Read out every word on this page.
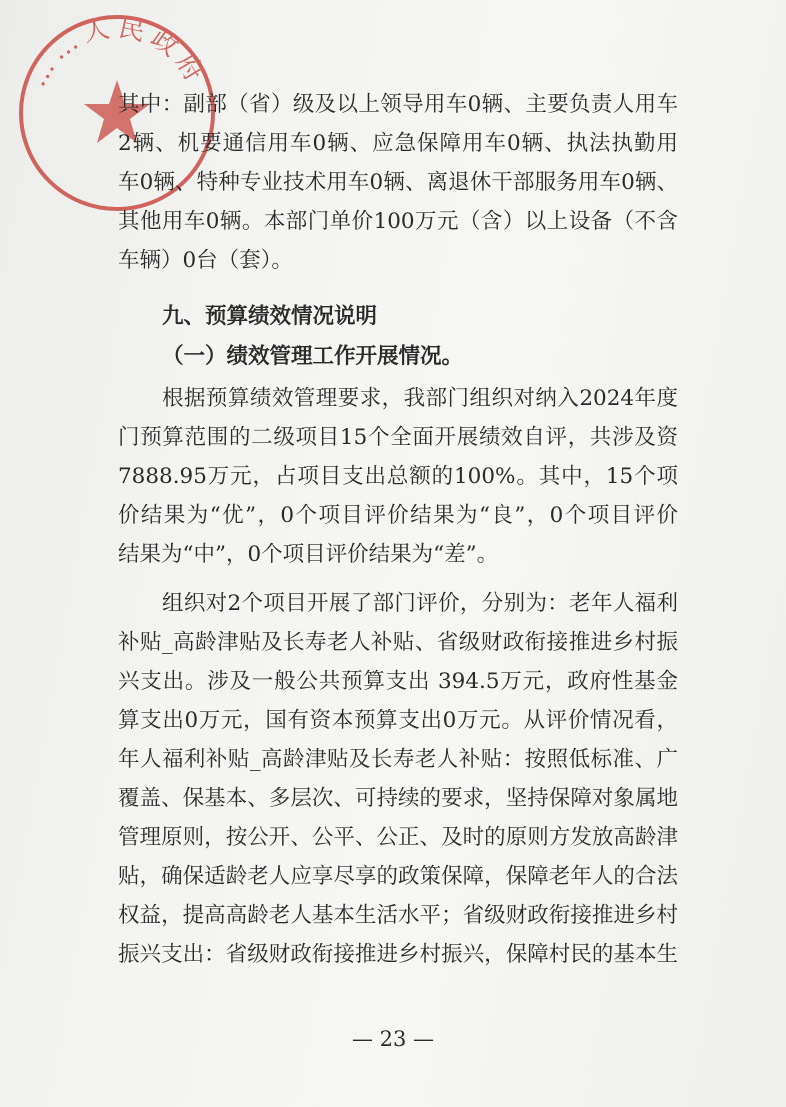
……人民政府
其中：副部（省）级及以上领导用车0辆、主要负责人用车
2辆、机要通信用车0辆、应急保障用车0辆、执法执勤用
车0辆、特种专业技术用车0辆、离退休干部服务用车0辆、
其他用车0辆。本部门单价100万元（含）以上设备（不含
车辆）0台（套）。
九、预算绩效情况说明
（一）绩效管理工作开展情况。
根据预算绩效管理要求，我部门组织对纳入2024年度
门预算范围的二级项目15个全面开展绩效自评，共涉及资
7888.95万元，占项目支出总额的100%。其中，15个项
价结果为“优”，0个项目评价结果为“良”，0个项目评价
结果为“中”，0个项目评价结果为“差”。
组织对2个项目开展了部门评价，分别为：老年人福利
补贴_高龄津贴及长寿老人补贴、省级财政衔接推进乡村振
兴支出。涉及一般公共预算支出 394.5万元，政府性基金
算支出0万元，国有资本预算支出0万元。从评价情况看，
年人福利补贴_高龄津贴及长寿老人补贴：按照低标准、广
覆盖、保基本、多层次、可持续的要求，坚持保障对象属地
管理原则，按公开、公平、公正、及时的原则方发放高龄津
贴，确保适龄老人应享尽享的政策保障，保障老年人的合法
权益，提高高龄老人基本生活水平；省级财政衔接推进乡村
振兴支出：省级财政衔接推进乡村振兴，保障村民的基本生
— 23 —
